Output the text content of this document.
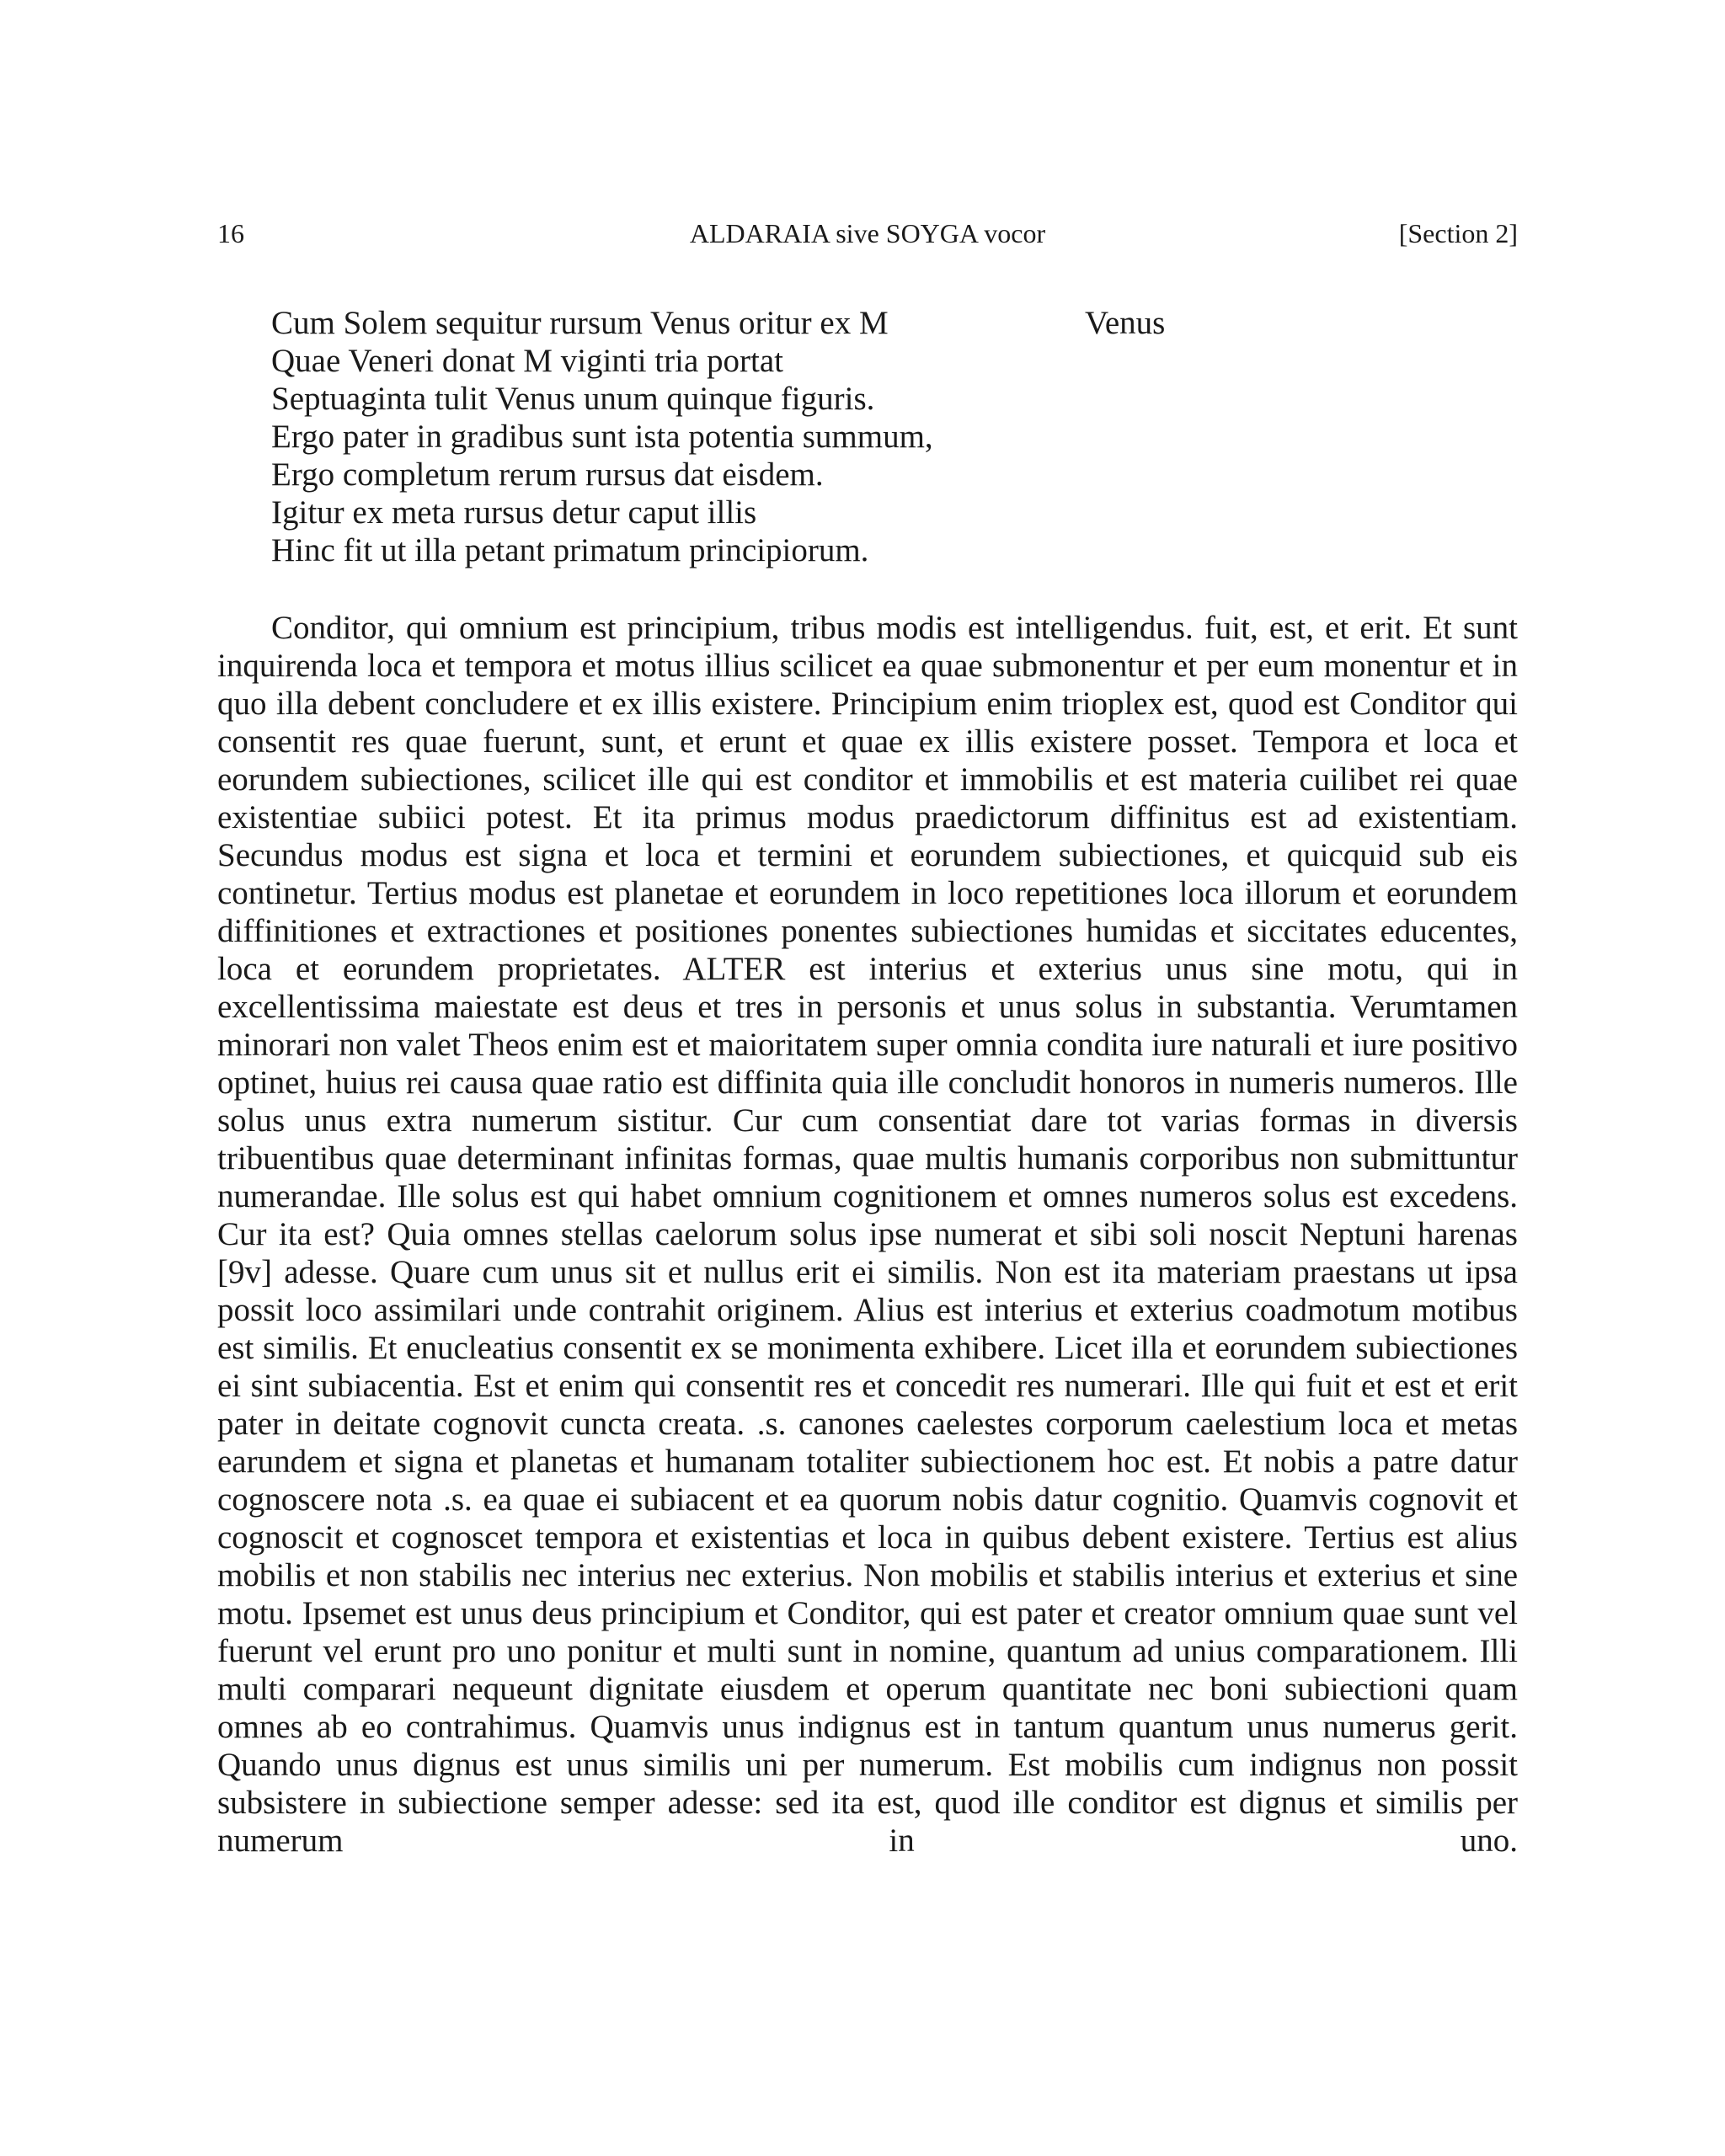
16	ALDARAIA sive SOYGA vocor	[Section 2]
Cum Solem sequitur rursum Venus oritur ex M
Quae Veneri donat M viginti tria portat
Septuaginta tulit Venus unum quinque figuris.
Ergo pater in gradibus sunt ista potentia summum,
Ergo completum rerum rursus dat eisdem.
Igitur ex meta rursus detur caput illis
Hinc fit ut illa petant primatum principiorum.
Venus

Conditor, qui omnium est principium, tribus modis est intelligendus. fuit, est, et erit. Et sunt inquirenda loca et tempora et motus illius scilicet ea quae submonentur et per eum monentur et in quo illa debent concludere et ex illis existere. Principium enim trioplex est, quod est Conditor qui consentit res quae fuerunt, sunt, et erunt et quae ex illis existere posset. Tempora et loca et eorundem subiectiones, scilicet ille qui est conditor et immobilis et est materia cuilibet rei quae existentiae subiici potest. Et ita primus modus praedictorum diffinitus est ad existentiam. Secundus modus est signa et loca et termini et eorundem subiectiones, et quicquid sub eis continetur. Tertius modus est planetae et eorundem in loco repetitiones loca illorum et eorundem diffinitiones et extractiones et positiones ponentes subiectiones humidas et siccitates educentes, loca et eorundem proprietates. ALTER est interius et exterius unus sine motu, qui in excellentissima maiestate est deus et tres in personis et unus solus in substantia. Verumtamen minorari non valet Theos enim est et maioritatem super omnia condita iure naturali et iure positivo optinet, huius rei causa quae ratio est diffinita quia ille concludit honoros in numeris numeros. Ille solus unus extra numerum sistitur. Cur cum consentiat dare tot varias formas in diversis tribuentibus quae determinant infinitas formas, quae multis humanis corporibus non submittuntur numerandae. Ille solus est qui habet omnium cognitionem et omnes numeros solus est excedens. Cur ita est? Quia omnes stellas caelorum solus ipse numerat et sibi soli noscit Neptuni harenas [9v] adesse. Quare cum unus sit et nullus erit ei similis. Non est ita materiam praestans ut ipsa possit loco assimilari unde contrahit originem. Alius est interius et exterius coadmotum motibus est similis. Et enucleatius consentit ex se monimenta exhibere. Licet illa et eorundem subiectiones ei sint subiacentia. Est et enim qui consentit res et concedit res numerari. Ille qui fuit et est et erit pater in deitate cognovit cuncta creata. .s. canones caelestes corporum caelestium loca et metas earundem et signa et planetas et humanam totaliter subiectionem hoc est. Et nobis a patre datur cognoscere nota .s. ea quae ei subiacent et ea quorum nobis datur cognitio. Quamvis cognovit et cognoscit et cognoscet tempora et existentias et loca in quibus debent existere. Tertius est alius mobilis et non stabilis nec interius nec exterius. Non mobilis et stabilis interius et exterius et sine motu. Ipsemet est unus deus principium et Conditor, qui est pater et creator omnium quae sunt vel fuerunt vel erunt pro uno ponitur et multi sunt in nomine, quantum ad unius comparationem. Illi multi comparari nequeunt dignitate eiusdem et operum quantitate nec boni subiectioni quam omnes ab eo contrahimus. Quamvis unus indignus est in tantum quantum unus numerus gerit. Quando unus dignus est unus similis uni per numerum. Est mobilis cum indignus non possit subsistere in subiectione semper adesse: sed ita est, quod ille conditor est dignus et similis per numerum in uno.
